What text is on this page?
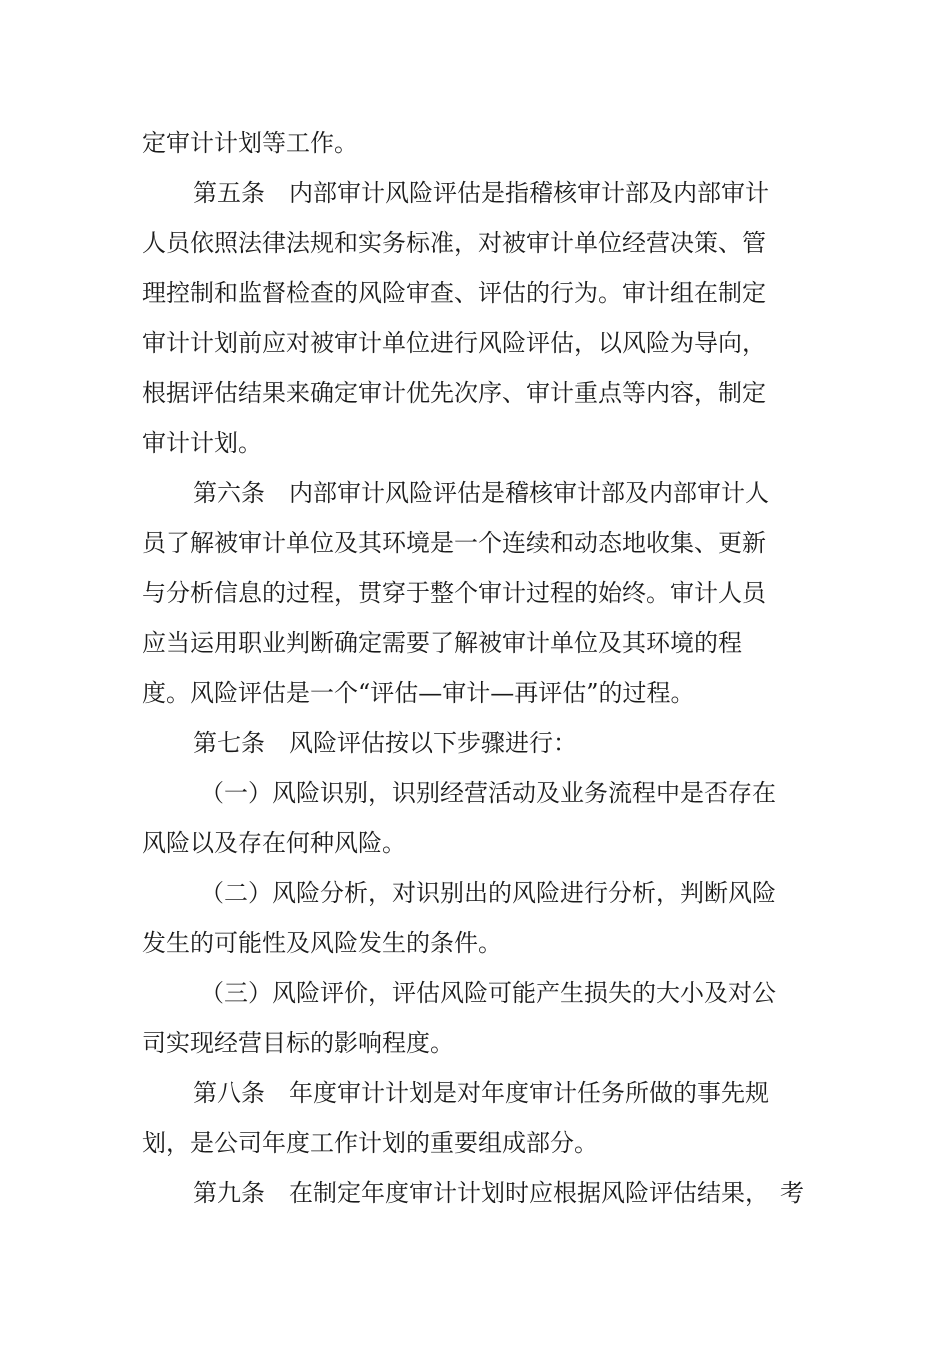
定审计计划等工作。

第五条　内部审计风险评估是指稽核审计部及内部审计

人员依照法律法规和实务标准，对被审计单位经营决策、管

理控制和监督检查的风险审查、评估的行为。审计组在制定

审计计划前应对被审计单位进行风险评估，以风险为导向，

根据评估结果来确定审计优先次序、审计重点等内容，制定

审计计划。

第六条　内部审计风险评估是稽核审计部及内部审计人

员了解被审计单位及其环境是一个连续和动态地收集、更新

与分析信息的过程，贯穿于整个审计过程的始终。审计人员

应当运用职业判断确定需要了解被审计单位及其环境的程

度。风险评估是一个“评估—审计—再评估”的过程。

第七条　风险评估按以下步骤进行：

（一）风险识别，识别经营活动及业务流程中是否存在

风险以及存在何种风险。

（二）风险分析，对识别出的风险进行分析，判断风险

发生的可能性及风险发生的条件。

（三）风险评价，评估风险可能产生损失的大小及对公

司实现经营目标的影响程度。

第八条　年度审计计划是对年度审计任务所做的事先规

划，是公司年度工作计划的重要组成部分。

第九条　在制定年度审计计划时应根据风险评估结果， 考
